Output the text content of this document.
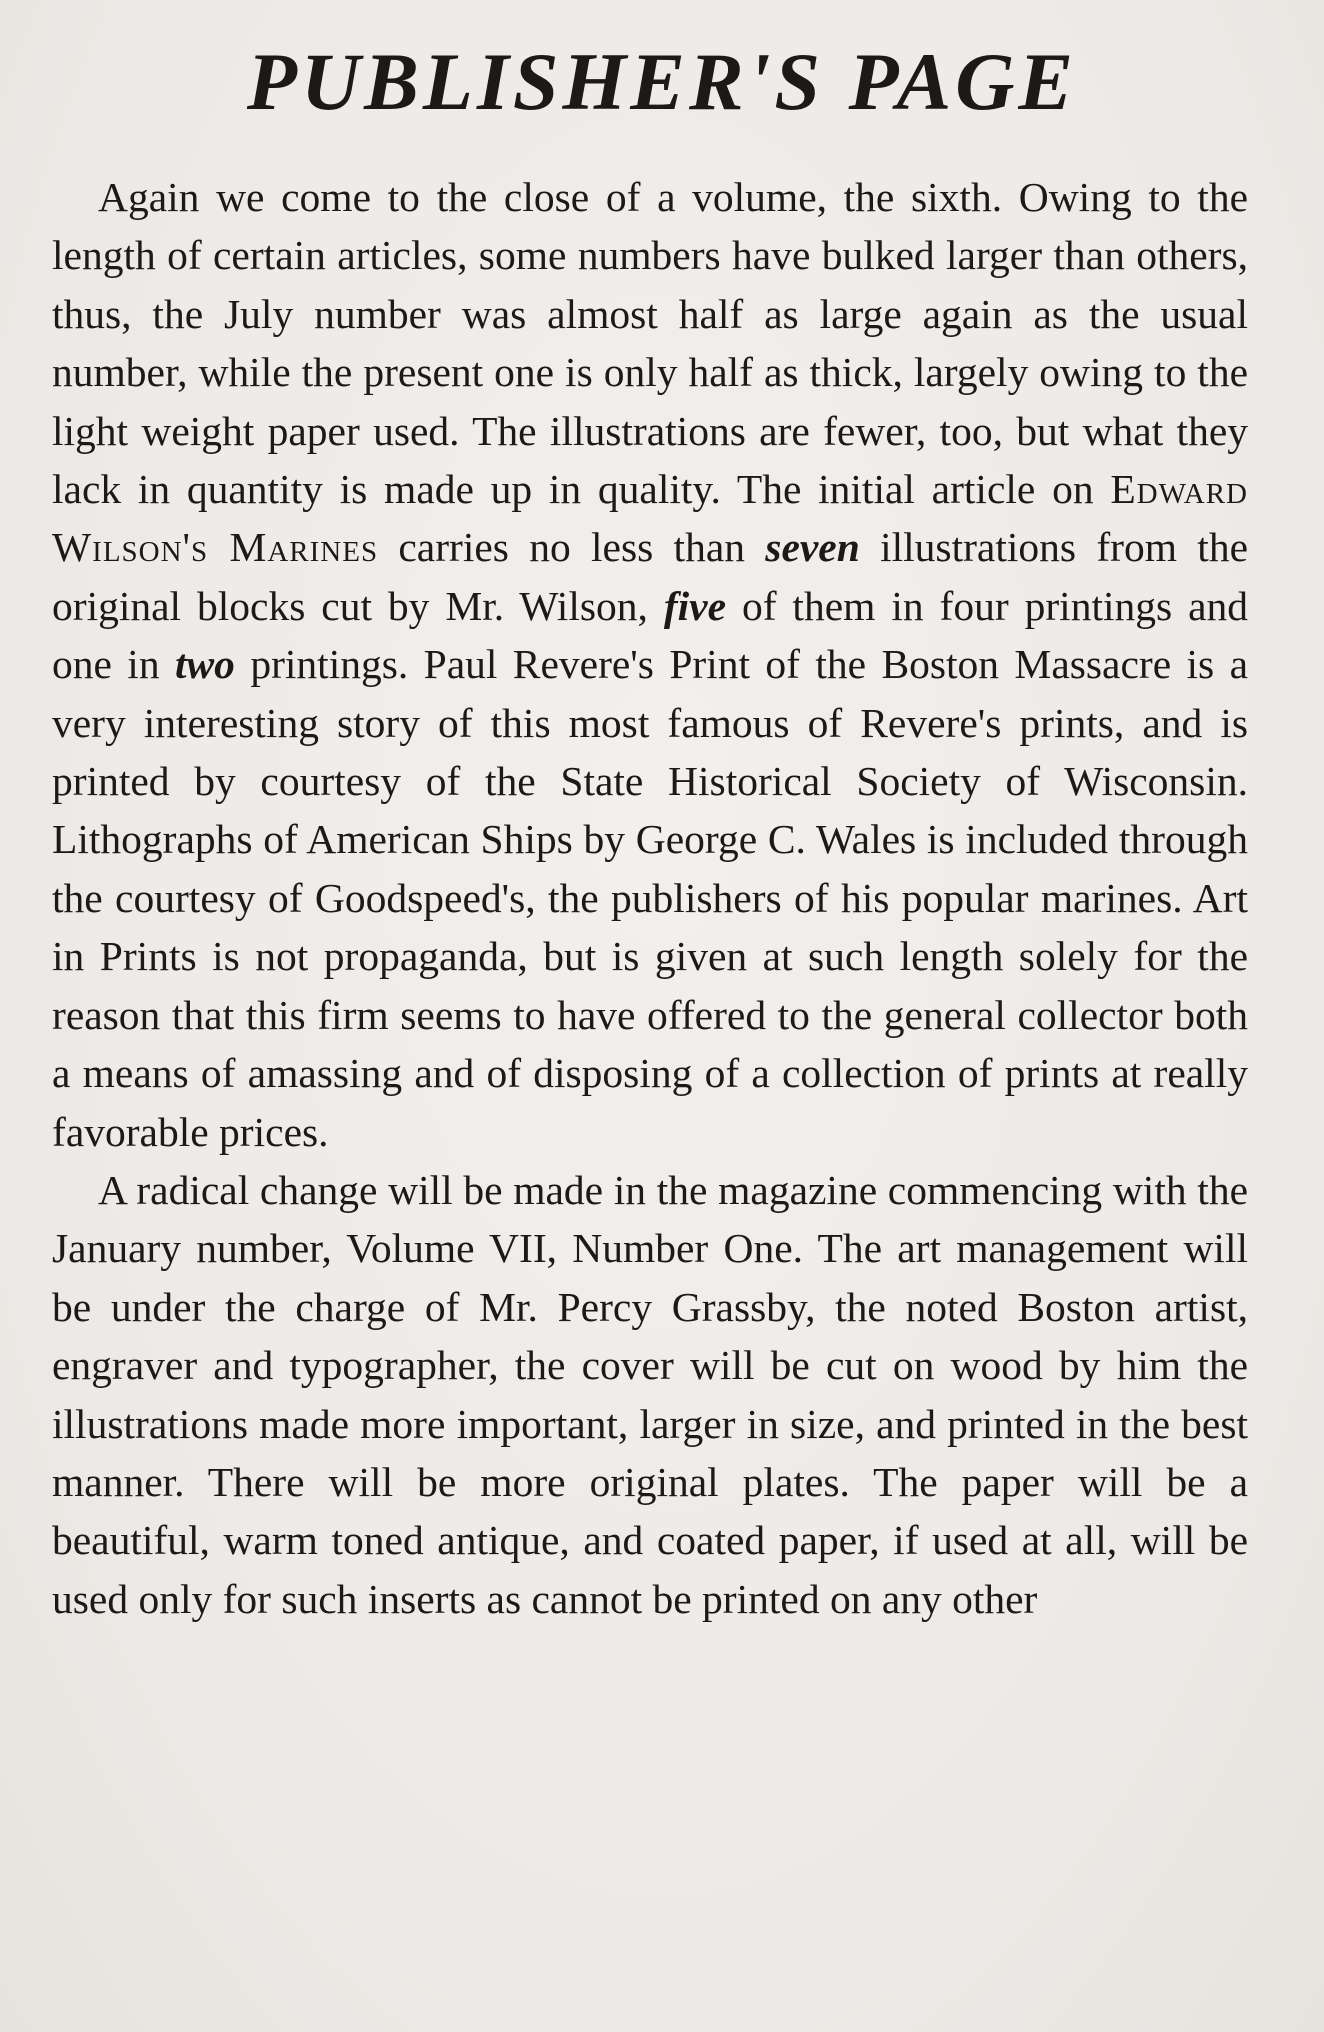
PUBLISHER'S PAGE

Again we come to the close of a volume, the sixth. Owing to the length of certain articles, some numbers have bulked larger than others, thus, the July number was almost half as large again as the usual number, while the present one is only half as thick, largely owing to the light weight paper used. The illustrations are fewer, too, but what they lack in quantity is made up in quality. The initial article on Edward Wilson's Marines carries no less than seven illustrations from the original blocks cut by Mr. Wilson, five of them in four printings and one in two printings. Paul Revere's Print of the Boston Massacre is a very interesting story of this most famous of Revere's prints, and is printed by courtesy of the State Historical Society of Wisconsin. Lithographs of American Ships by George C. Wales is included through the courtesy of Goodspeed's, the publishers of his popular marines. Art in Prints is not propaganda, but is given at such length solely for the reason that this firm seems to have offered to the general collector both a means of amassing and of disposing of a collection of prints at really favorable prices.

A radical change will be made in the magazine commencing with the January number, Volume VII, Number One. The art management will be under the charge of Mr. Percy Grassby, the noted Boston artist, engraver and typographer, the cover will be cut on wood by him the illustrations made more important, larger in size, and printed in the best manner. There will be more original plates. The paper will be a beautiful, warm toned antique, and coated paper, if used at all, will be used only for such inserts as cannot be printed on any other
